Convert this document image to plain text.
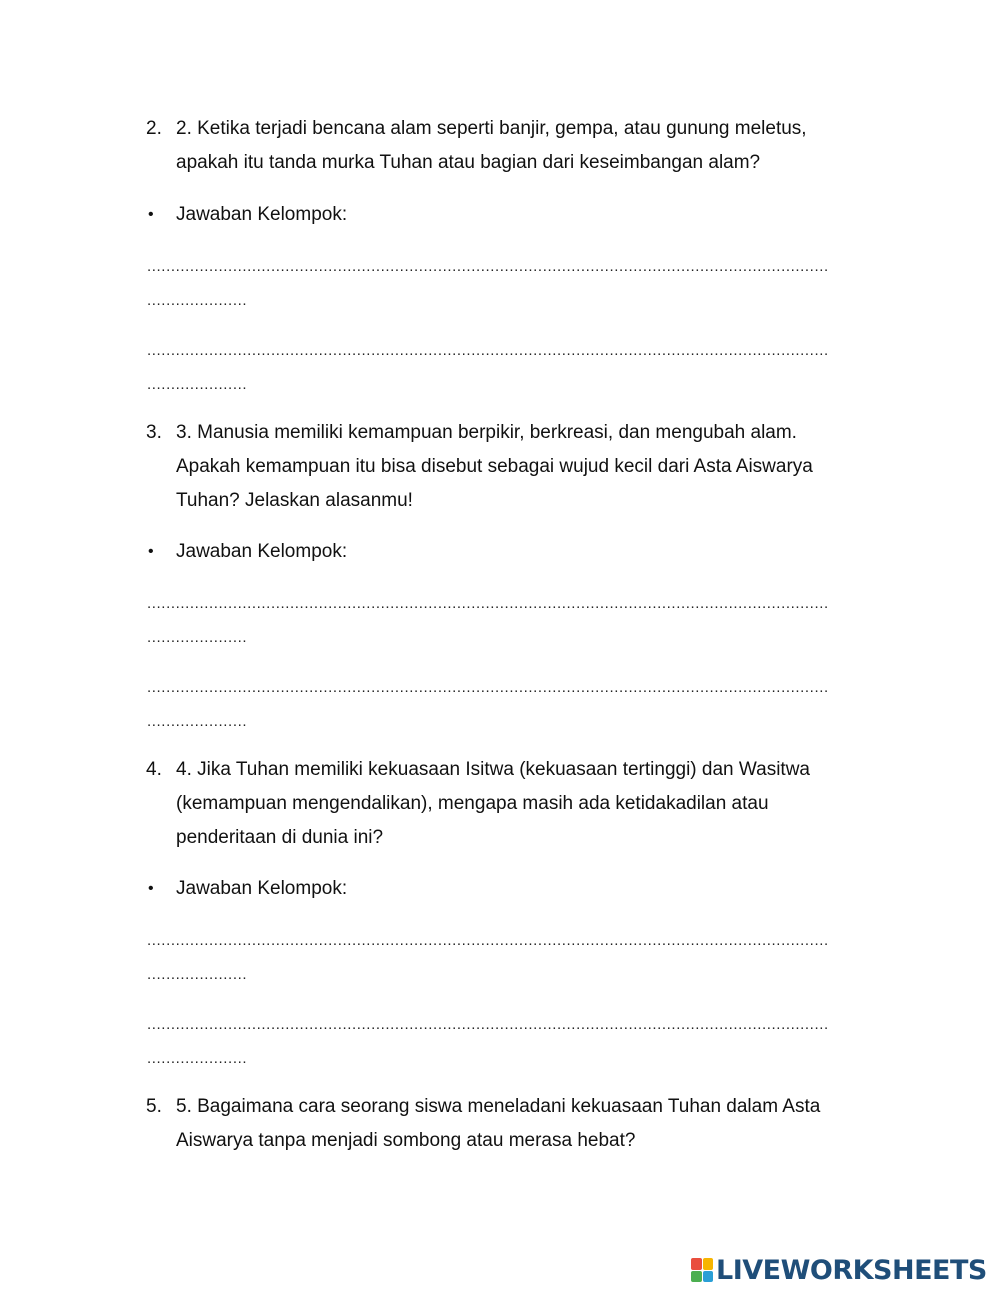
2. 2. Ketika terjadi bencana alam seperti banjir, gempa, atau gunung meletus,
apakah itu tanda murka Tuhan atau bagian dari keseimbangan alam?
• Jawaban Kelompok:
...............................................................................................................................................
.....................
...............................................................................................................................................
.....................
3. 3. Manusia memiliki kemampuan berpikir, berkreasi, dan mengubah alam.
Apakah kemampuan itu bisa disebut sebagai wujud kecil dari Asta Aiswarya
Tuhan? Jelaskan alasanmu!
• Jawaban Kelompok:
...............................................................................................................................................
.....................
...............................................................................................................................................
.....................
4. 4. Jika Tuhan memiliki kekuasaan Isitwa (kekuasaan tertinggi) dan Wasitwa
(kemampuan mengendalikan), mengapa masih ada ketidakadilan atau
penderitaan di dunia ini?
• Jawaban Kelompok:
...............................................................................................................................................
.....................
...............................................................................................................................................
.....................
5. 5. Bagaimana cara seorang siswa meneladani kekuasaan Tuhan dalam Asta
Aiswarya tanpa menjadi sombong atau merasa hebat?
LIVEWORKSHEETS
